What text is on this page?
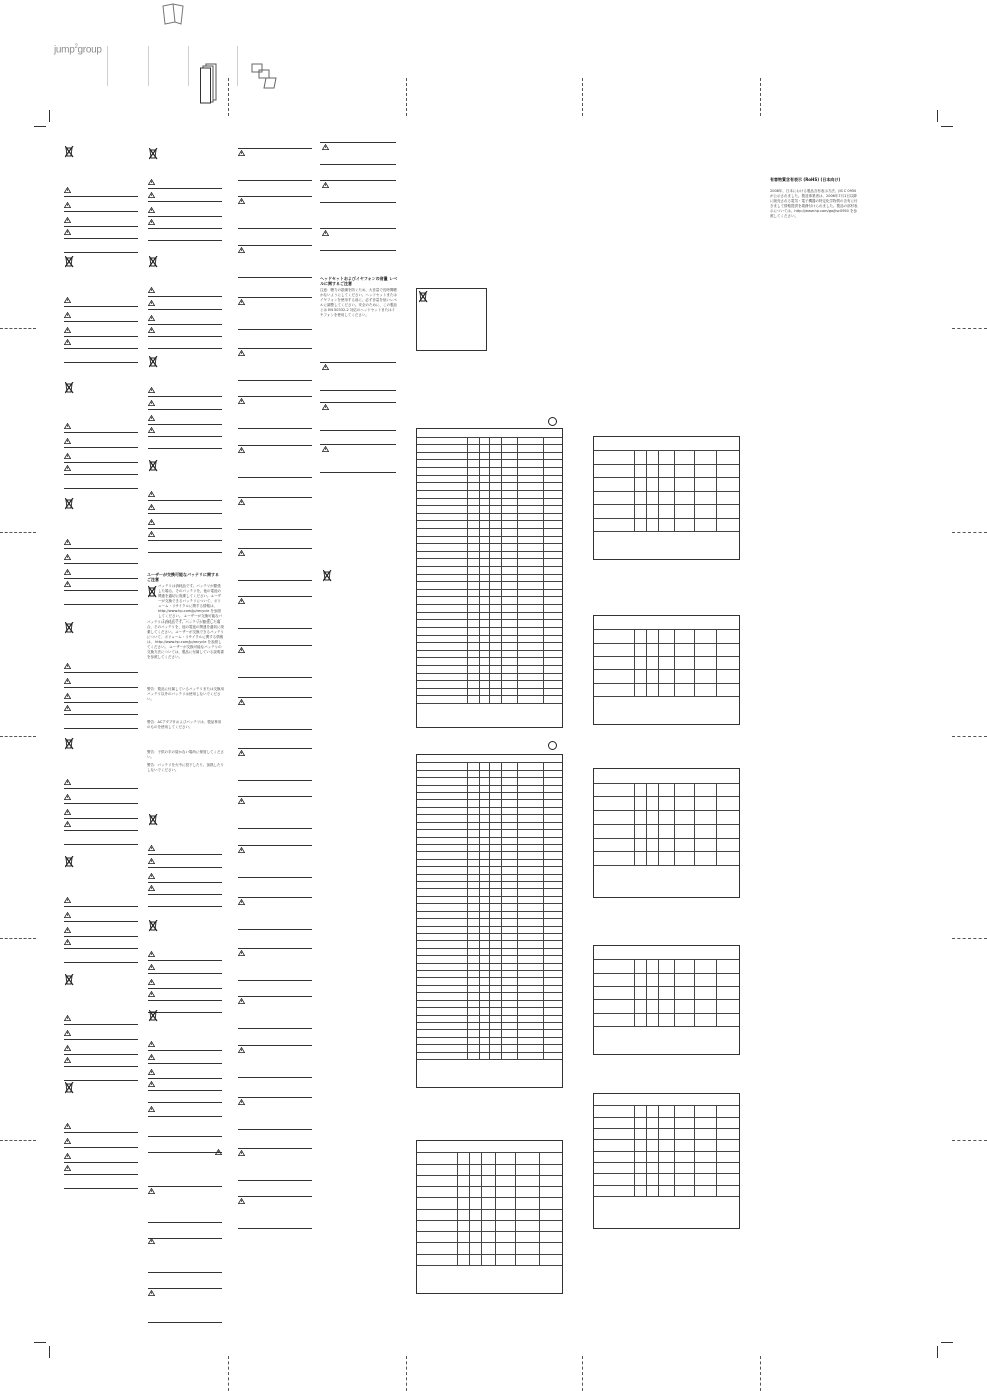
jump$^2$group
ユーザーが交換可能なバッテリに関する ご注意
バッテリは消耗品です。バッテリが膨張した場合、そのバッテリを、他の電池の関連を適切に廃棄してください。ユーザーが交換できるバッテリについて、ボリューム・リサイクルに関する情報は、 http://www.hp.com/jp/recycle を参照してください。 ユーザーが交換可能なバ
バッテリは消耗品です。バッテリが膨張した場合、そのバッテリを、他の電池の関連を適切に廃棄してください。ユーザーが交換できるバッテリについて、ボリューム・リサイクルに関する情報は、 http://www.hp.com/jp/recycle を参照してください。 ユーザーが交換可能なバッテリの交換方法については、製品に付属している説明書を参照してください。
警告：製品に付属しているバッテリまたは交換用バッテリ以外のバッテリは使用しないでください。
警告：ACアダプタおよびバッテリは、製品専用のものを使用してください。
警告：子供の手の届かない場所に保管してください。
警告：バッテリを火中に投下したり、加熱したりしないでください。
ヘッドセットおよびイヤフォンの音量 レベルに関するご注意
注意：聴力の損傷を防ぐため、大音量で長時間聴かないようにしてください。ヘッドセットまたはイヤフォンを使用する前に、必ず音量を低いレベルに調整してください。安全のために、この製品とは EN 50332-2 対応のヘッドセットまたはイヤフォンを使用してください。
有害物質含有表示 (RoHS) (日本向け)
2008年、日本における製品含有表示方法、JIS C 0950 が公示されました。製造事業者は、2006年7月1日以降に販売される電気・電子機器の特定化学物質の含有に付きまして情報提供を義務付けられました。製品の部材表示については、http://www.hp.com/go/jisc0950 を参照してください。
